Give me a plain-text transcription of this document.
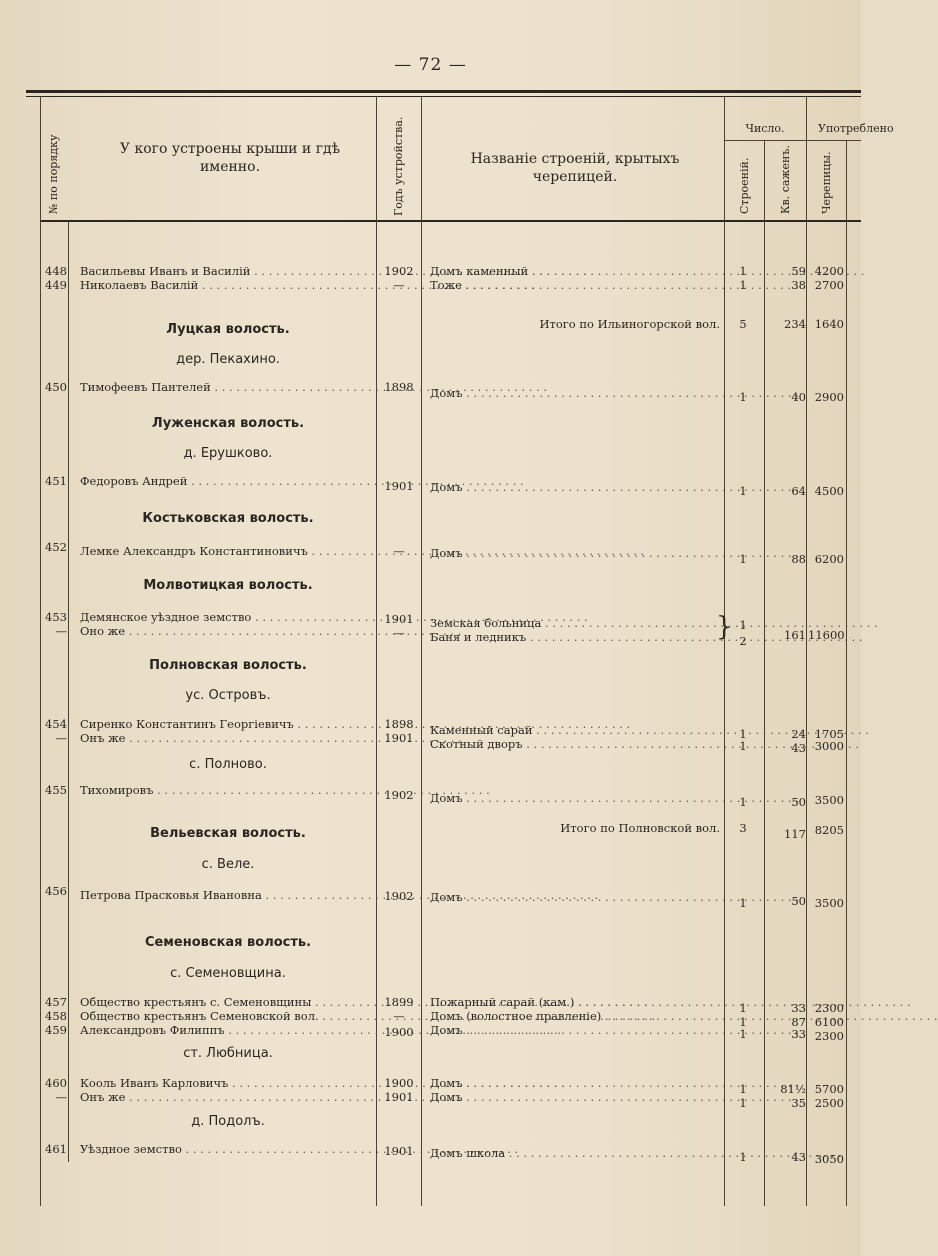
— 72 —
№ по порядку	У кого устроены крыши и гдѣ именно.	Годъ устройства.	Названіе строеній, крытыхъ черепицей.
Число.	Употреблено
Строеній.	Кв. саженъ.	Черепицы.
448 Васильевы Иванъ и Василій . . .	1902	Домъ каменный . . .	1	59 4200
449 Николаевъ Василій . . .	—	Тоже . . .	1	38 2700
Итого по Ильиногорской вол.	5	234 1640
Луцкая волость.
дер. Пекахино.
450 Тимофеевъ Пантелей . . .	1898	Домъ . . .	1	40 2900
Луженская волость.
д. Ерушково.
451 Федоровъ Андрей . . .	1901	Домъ . . .	1	64 4500
Костьковская волость.
452 Лемке Александръ Константиновичъ . . .	—	Домъ . . .	1	88 6200
Молвотицкая волость.
453 Демянское уѣздное земство . . .	1901	Земская больница . . .	1
— Оно же . . .	—	Баня и ледникъ . . .	2	161 11600
}
Полновская волость.
ус. Островъ.
454 Сиренко Константинъ Георгіевичъ . . .	1898	Каменный сарай . . .	1	24 1705
— Онъ же . . .	1901	Скотный дворъ . . .	1	43 3000
с. Полново.
455 Тихомировъ . . .	1902	Домъ . . .	1	50 3500
Итого по Полновской вол.	3	117 8205
Вельевская волость.
с. Веле.
456 Петрова Прасковья Ивановна . . .	1902	Домъ . . .	1	50 3500
Семеновская волость.
с. Семеновщина.
457 Общество крестьянъ с. Семеновщины . . .	1899	Пожарный сарай (кам.) . . .	1	33 2300
458 Общество крестьянъ Семеновской вол. . . .	—	Домъ (волостное правленіе) . . .	1	87 6100
459 Александровъ Филиппъ . . .	1900	Домъ . . .	1	33 2300
ст. Любница.
460 Кооль Иванъ Карловичъ . . .	1900	Домъ . . .	1	81½ 5700
— Онъ же . . .	1901	Домъ . . .	1	35 2500
д. Подолъ.
461 Уѣздное земство . . .	1901	Домъ школа . . .	1	43 3050
